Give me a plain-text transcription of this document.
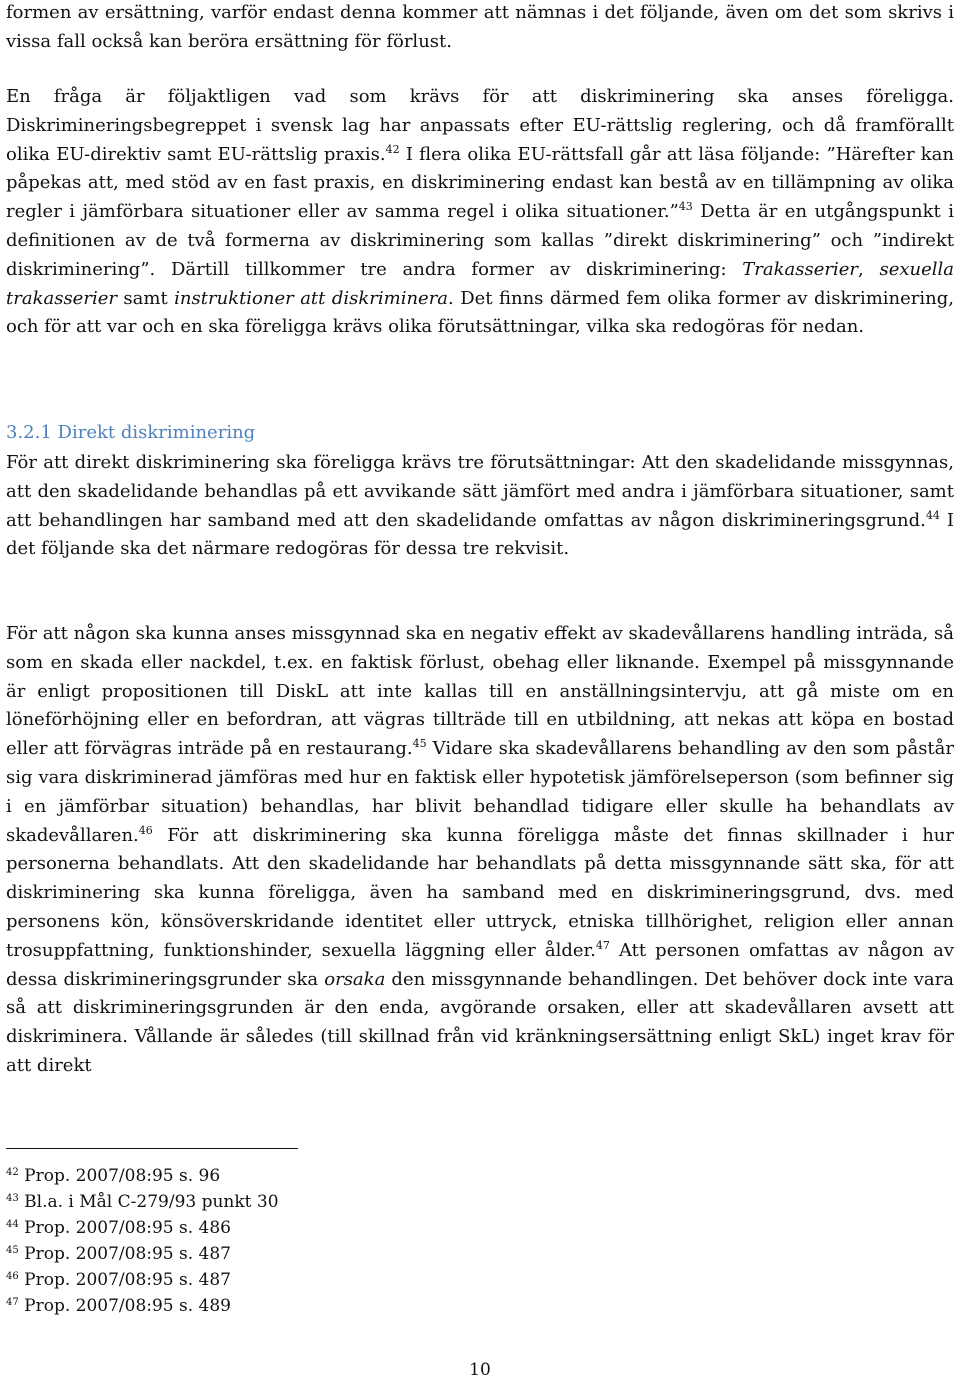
formen av ersättning, varför endast denna kommer att nämnas i det följande, även om det som skrivs i vissa fall också kan beröra ersättning för förlust.

En fråga är följaktligen vad som krävs för att diskriminering ska anses föreligga. Diskrimineringsbegreppet i svensk lag har anpassats efter EU-rättslig reglering, och då framförallt olika EU-direktiv samt EU-rättslig praxis.$^{42}$ I flera olika EU-rättsfall går att läsa följande: ”Härefter kan påpekas att, med stöd av en fast praxis, en diskriminering endast kan bestå av en tillämpning av olika regler i jämförbara situationer eller av samma regel i olika situationer.”$^{43}$ Detta är en utgångspunkt i definitionen av de två formerna av diskriminering som kallas ”direkt diskriminering” och ”indirekt diskriminering”. Därtill tillkommer tre andra former av diskriminering: Trakasserier, sexuella trakasserier samt instruktioner att diskriminera. Det finns därmed fem olika former av diskriminering, och för att var och en ska föreligga krävs olika förutsättningar, vilka ska redogöras för nedan.

3.2.1 Direkt diskriminering

För att direkt diskriminering ska föreligga krävs tre förutsättningar: Att den skadelidande missgynnas, att den skadelidande behandlas på ett avvikande sätt jämfört med andra i jämförbara situationer, samt att behandlingen har samband med att den skadelidande omfattas av någon diskrimineringsgrund.$^{44}$ I det följande ska det närmare redogöras för dessa tre rekvisit.

För att någon ska kunna anses missgynnad ska en negativ effekt av skadevållarens handling inträda, så som en skada eller nackdel, t.ex. en faktisk förlust, obehag eller liknande. Exempel på missgynnande är enligt propositionen till DiskL att inte kallas till en anställningsintervju, att gå miste om en löneförhöjning eller en befordran, att vägras tillträde till en utbildning, att nekas att köpa en bostad eller att förvägras inträde på en restaurang.$^{45}$ Vidare ska skadevållarens behandling av den som påstår sig vara diskriminerad jämföras med hur en faktisk eller hypotetisk jämförelseperson (som befinner sig i en jämförbar situation) behandlas, har blivit behandlad tidigare eller skulle ha behandlats av skadevållaren.$^{46}$ För att diskriminering ska kunna föreligga måste det finnas skillnader i hur personerna behandlats. Att den skadelidande har behandlats på detta missgynnande sätt ska, för att diskriminering ska kunna föreligga, även ha samband med en diskrimineringsgrund, dvs. med personens kön, könsöverskridande identitet eller uttryck, etniska tillhörighet, religion eller annan trosuppfattning, funktionshinder, sexuella läggning eller ålder.$^{47}$ Att personen omfattas av någon av dessa diskrimineringsgrunder ska orsaka den missgynnande behandlingen. Det behöver dock inte vara så att diskrimineringsgrunden är den enda, avgörande orsaken, eller att skadevållaren avsett att diskriminera. Vållande är således (till skillnad från vid kränkningsersättning enligt SkL) inget krav för att direkt

$^{42}$ Prop. 2007/08:95 s. 96
$^{43}$ Bl.a. i Mål C-279/93 punkt 30
$^{44}$ Prop. 2007/08:95 s. 486
$^{45}$ Prop. 2007/08:95 s. 487
$^{46}$ Prop. 2007/08:95 s. 487
$^{47}$ Prop. 2007/08:95 s. 489
10
